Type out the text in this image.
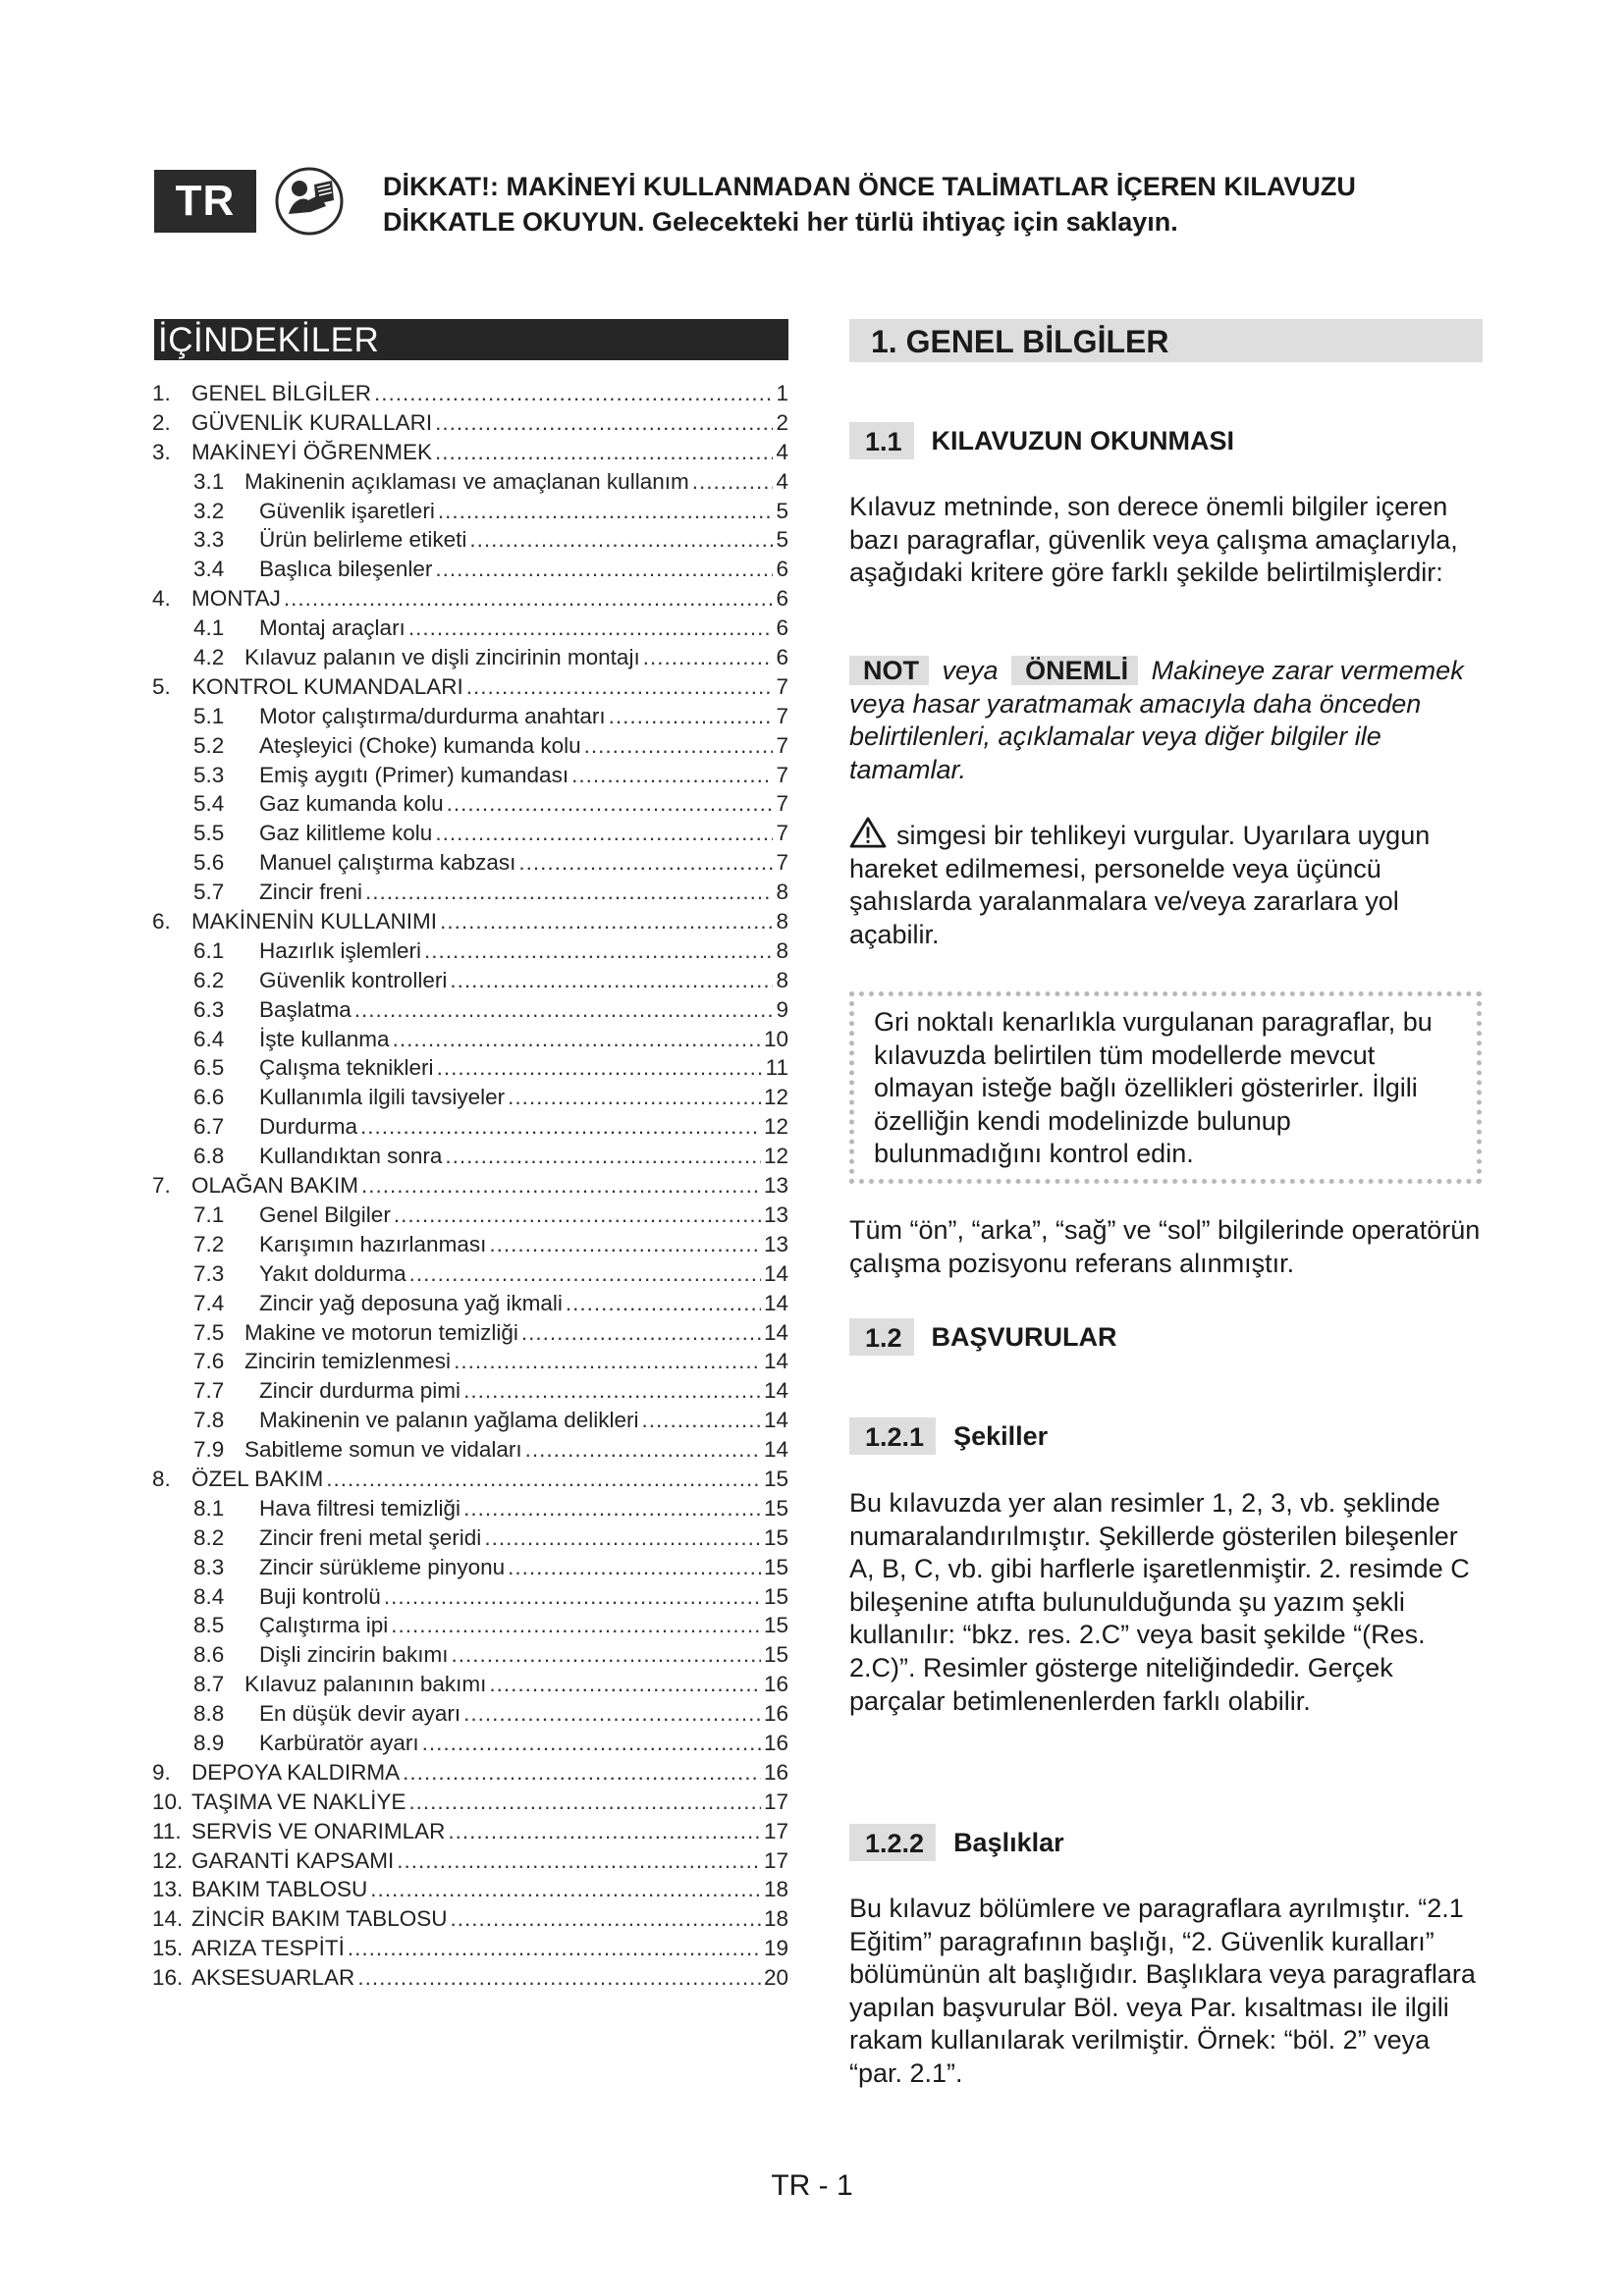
TR	DİKKAT!: MAKİNEYİ KULLANMADAN ÖNCE TALİMATLAR İÇEREN KILAVUZU
DİKKATLE OKUYUN. Gelecekteki her türlü ihtiyaç için saklayın.
İÇİNDEKİLER
1. GENEL BİLGİLER .....	1
2. GÜVENLİK KURALLARI .....	2
3. MAKİNEYİ ÖĞRENMEK .....	4
3.1 Makinenin açıklaması ve amaçlanan kullanım .....	4
3.2	Güvenlik işaretleri .....	5
3.3	Ürün belirleme etiketi .....	5
3.4	Başlıca bileşenler .....	6
4. MONTAJ .....	6
4.1	Montaj araçları .....	6
4.2 Kılavuz palanın ve dişli zincirinin montajı .....	6
5. KONTROL KUMANDALARI .....	7
5.1	Motor çalıştırma/durdurma anahtarı .....	7
5.2	Ateşleyici (Choke) kumanda kolu .....	7
5.3	Emiş aygıtı (Primer) kumandası .....	7
5.4	Gaz kumanda kolu .....	7
5.5	Gaz kilitleme kolu .....	7
5.6	Manuel çalıştırma kabzası .....	7
5.7	Zincir freni .....	8
6. MAKİNENİN KULLANIMI .....	8
6.1	Hazırlık işlemleri .....	8
6.2	Güvenlik kontrolleri .....	8
6.3	Başlatma .....	9
6.4	İşte kullanma .....	10
6.5	Çalışma teknikleri .....	11
6.6	Kullanımla ilgili tavsiyeler .....	12
6.7	Durdurma .....	12
6.8	Kullandıktan sonra .....	12
7. OLAĞAN BAKIM .....	13
7.1	Genel Bilgiler .....	13
7.2	Karışımın hazırlanması .....	13
7.3	Yakıt doldurma .....	14
7.4	Zincir yağ deposuna yağ ikmali .....	14
7.5 Makine ve motorun temizliği .....	14
7.6 Zincirin temizlenmesi .....	14
7.7	Zincir durdurma pimi .....	14
7.8	Makinenin ve palanın yağlama delikleri .....	14
7.9 Sabitleme somun ve vidaları .....	14
8. ÖZEL BAKIM .....	15
8.1	Hava filtresi temizliği .....	15
8.2	Zincir freni metal şeridi .....	15
8.3	Zincir sürükleme pinyonu .....	15
8.4	Buji kontrolü .....	15
8.5	Çalıştırma ipi .....	15
8.6	Dişli zincirin bakımı .....	15
8.7 Kılavuz palanının bakımı .....	16
8.8	En düşük devir ayarı .....	16
8.9	Karbüratör ayarı .....	16
9. DEPOYA KALDIRMA .....	16
10. TAŞIMA VE NAKLİYE .....	17
11. SERVİS VE ONARIMLAR .....	17
12. GARANTİ KAPSAMI .....	17
13. BAKIM TABLOSU .....	18
14. ZİNCİR BAKIM TABLOSU .....	18
15. ARIZA TESPİTİ .....	19
16. AKSESUARLAR .....	20
1. GENEL BİLGİLER
1.1	KILAVUZUN OKUNMASI
Kılavuz metninde, son derece önemli bilgiler içeren bazı paragraflar, güvenlik veya çalışma amaçlarıyla, aşağıdaki kritere göre farklı şekilde belirtilmişlerdir:
NOT veya ÖNEMLİ Makineye zarar vermemek veya hasar yaratmamak amacıyla daha önceden belirtilenleri, açıklamalar veya diğer bilgiler ile tamamlar.
simgesi bir tehlikeyi vurgular. Uyarılara uygun hareket edilmemesi, personelde veya üçüncü şahıslarda yaralanmalara ve/veya zararlara yol açabilir.
Gri noktalı kenarlıkla vurgulanan paragraflar, bu kılavuzda belirtilen tüm modellerde mevcut olmayan isteğe bağlı özellikleri gösterirler. İlgili özelliğin kendi modelinizde bulunup bulunmadığını kontrol edin.
Tüm “ön”, “arka”, “sağ” ve “sol” bilgilerinde operatörün çalışma pozisyonu referans alınmıştır.
1.2	BAŞVURULAR
1.2.1	Şekiller
Bu kılavuzda yer alan resimler 1, 2, 3, vb. şeklinde numaralandırılmıştır. Şekillerde gösterilen bileşenler A, B, C, vb. gibi harflerle işaretlenmiştir. 2. resimde C bileşenine atıfta bulunulduğunda şu yazım şekli kullanılır: “bkz. res. 2.C” veya basit şekilde “(Res. 2.C)”. Resimler gösterge niteliğindedir. Gerçek parçalar betimlenenlerden farklı olabilir.
1.2.2	Başlıklar
Bu kılavuz bölümlere ve paragraflara ayrılmıştır. “2.1 Eğitim” paragrafının başlığı, “2. Güvenlik kuralları” bölümünün alt başlığıdır. Başlıklara veya paragraflara yapılan başvurular Böl. veya Par. kısaltması ile ilgili rakam kullanılarak verilmiştir. Örnek: “böl. 2” veya “par. 2.1”.
TR - 1
